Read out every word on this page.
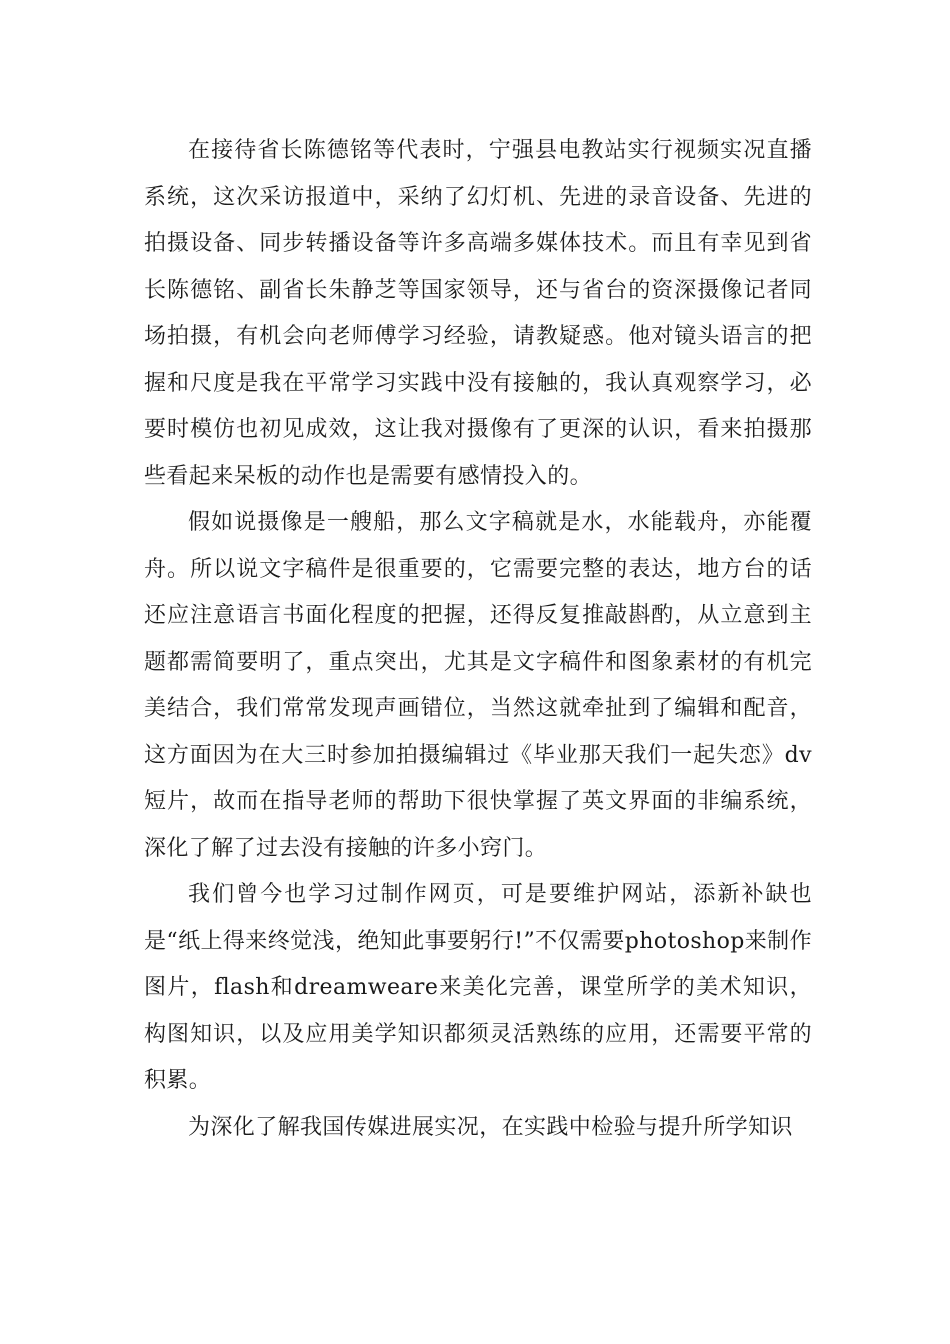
在接待省长陈德铭等代表时，宁强县电教站实行视频实况直播系统，这次采访报道中，采纳了幻灯机、先进的录音设备、先进的拍摄设备、同步转播设备等许多高端多媒体技术。而且有幸见到省长陈德铭、副省长朱静芝等国家领导，还与省台的资深摄像记者同场拍摄，有机会向老师傅学习经验，请教疑惑。他对镜头语言的把握和尺度是我在平常学习实践中没有接触的，我认真观察学习，必要时模仿也初见成效，这让我对摄像有了更深的认识，看来拍摄那些看起来呆板的动作也是需要有感情投入的。

假如说摄像是一艘船，那么文字稿就是水，水能载舟，亦能覆舟。所以说文字稿件是很重要的，它需要完整的表达，地方台的话还应注意语言书面化程度的把握，还得反复推敲斟酌，从立意到主题都需简要明了，重点突出，尤其是文字稿件和图象素材的有机完美结合，我们常常发现声画错位，当然这就牵扯到了编辑和配音，这方面因为在大三时参加拍摄编辑过《毕业那天我们一起失恋》dv短片，故而在指导老师的帮助下很快掌握了英文界面的非编系统，深化了解了过去没有接触的许多小窍门。

我们曾今也学习过制作网页，可是要维护网站，添新补缺也是“纸上得来终觉浅，绝知此事要躬行!”不仅需要photoshop来制作图片，flash和dreamweare来美化完善，课堂所学的美术知识，构图知识，以及应用美学知识都须灵活熟练的应用，还需要平常的积累。

为深化了解我国传媒进展实况，在实践中检验与提升所学知识
